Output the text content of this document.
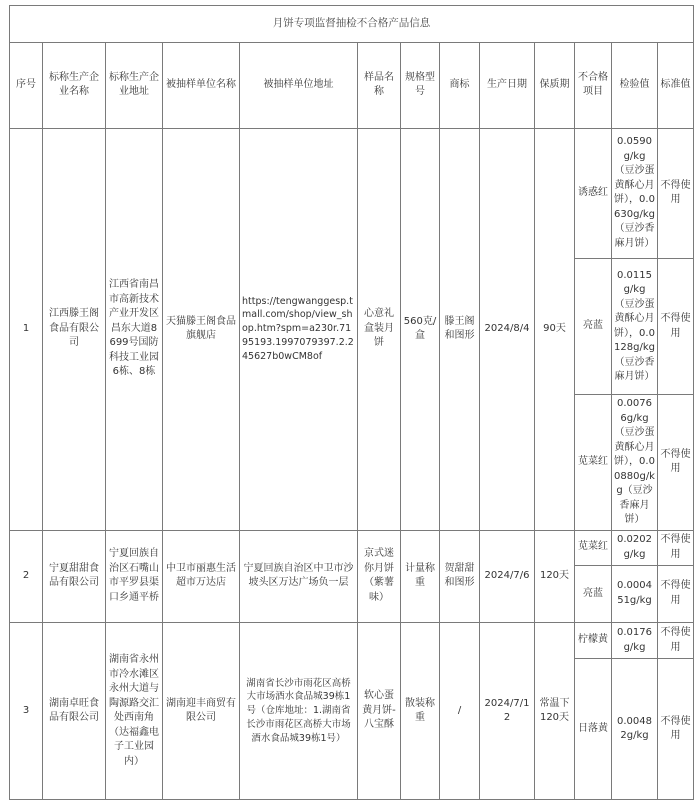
月饼专项监督抽检不合格产品信息												
序号	标称生产企业名称	标称生产企业地址	被抽样单位名称	被抽样单位地址	样品名称	规格型号	商标	生产日期	保质期	不合格项目	检验值	标准值
1	江西滕王阁食品有限公司	江西省南昌市高新技术产业开发区昌东大道8699号国防科技工业园6栋、8栋	天猫滕王阁食品旗舰店	https://tengwanggesp.tmall.com/shop/view_shop.htm?spm=a230r.7195193.1997079397.2.245627b0wCM8of	心意礼盒装月饼	560克/盒	滕王阁和图形	2024/8/4	90天	诱惑红	0.0590g/kg（豆沙蛋黄酥心月饼），0.0630g/kg（豆沙香麻月饼）	不得使用
										亮蓝	0.0115g/kg（豆沙蛋黄酥心月饼），0.0128g/kg（豆沙香麻月饼）	不得使用
										苋菜红	0.00766g/kg（豆沙蛋黄酥心月饼），0.00880g/kg（豆沙香麻月饼）	不得使用
2	宁夏甜甜食品有限公司	宁夏回族自治区石嘴山市平罗县渠口乡通平桥	中卫市丽惠生活超市万达店	宁夏回族自治区中卫市沙坡头区万达广场负一层	京式迷你月饼（紫薯味）	计量称重	贺甜甜和图形	2024/7/6	120天	苋菜红	0.0202g/kg	不得使用
										亮蓝	0.000451g/kg	不得使用
3	湖南卓旺食品有限公司	湖南省永州市冷水滩区永州大道与陶源路交汇处西南角（达福鑫电子工业园内）	湖南迎丰商贸有限公司	湖南省长沙市雨花区高桥大市场酒水食品城39栋1号（仓库地址：1.湖南省长沙市雨花区高桥大市场酒水食品城39栋1号）	软心蛋黄月饼-八宝酥	散装称重	/	2024/7/12	常温下120天	柠檬黄	0.0176g/kg	不得使用
										日落黄	0.00482g/kg	不得使用
